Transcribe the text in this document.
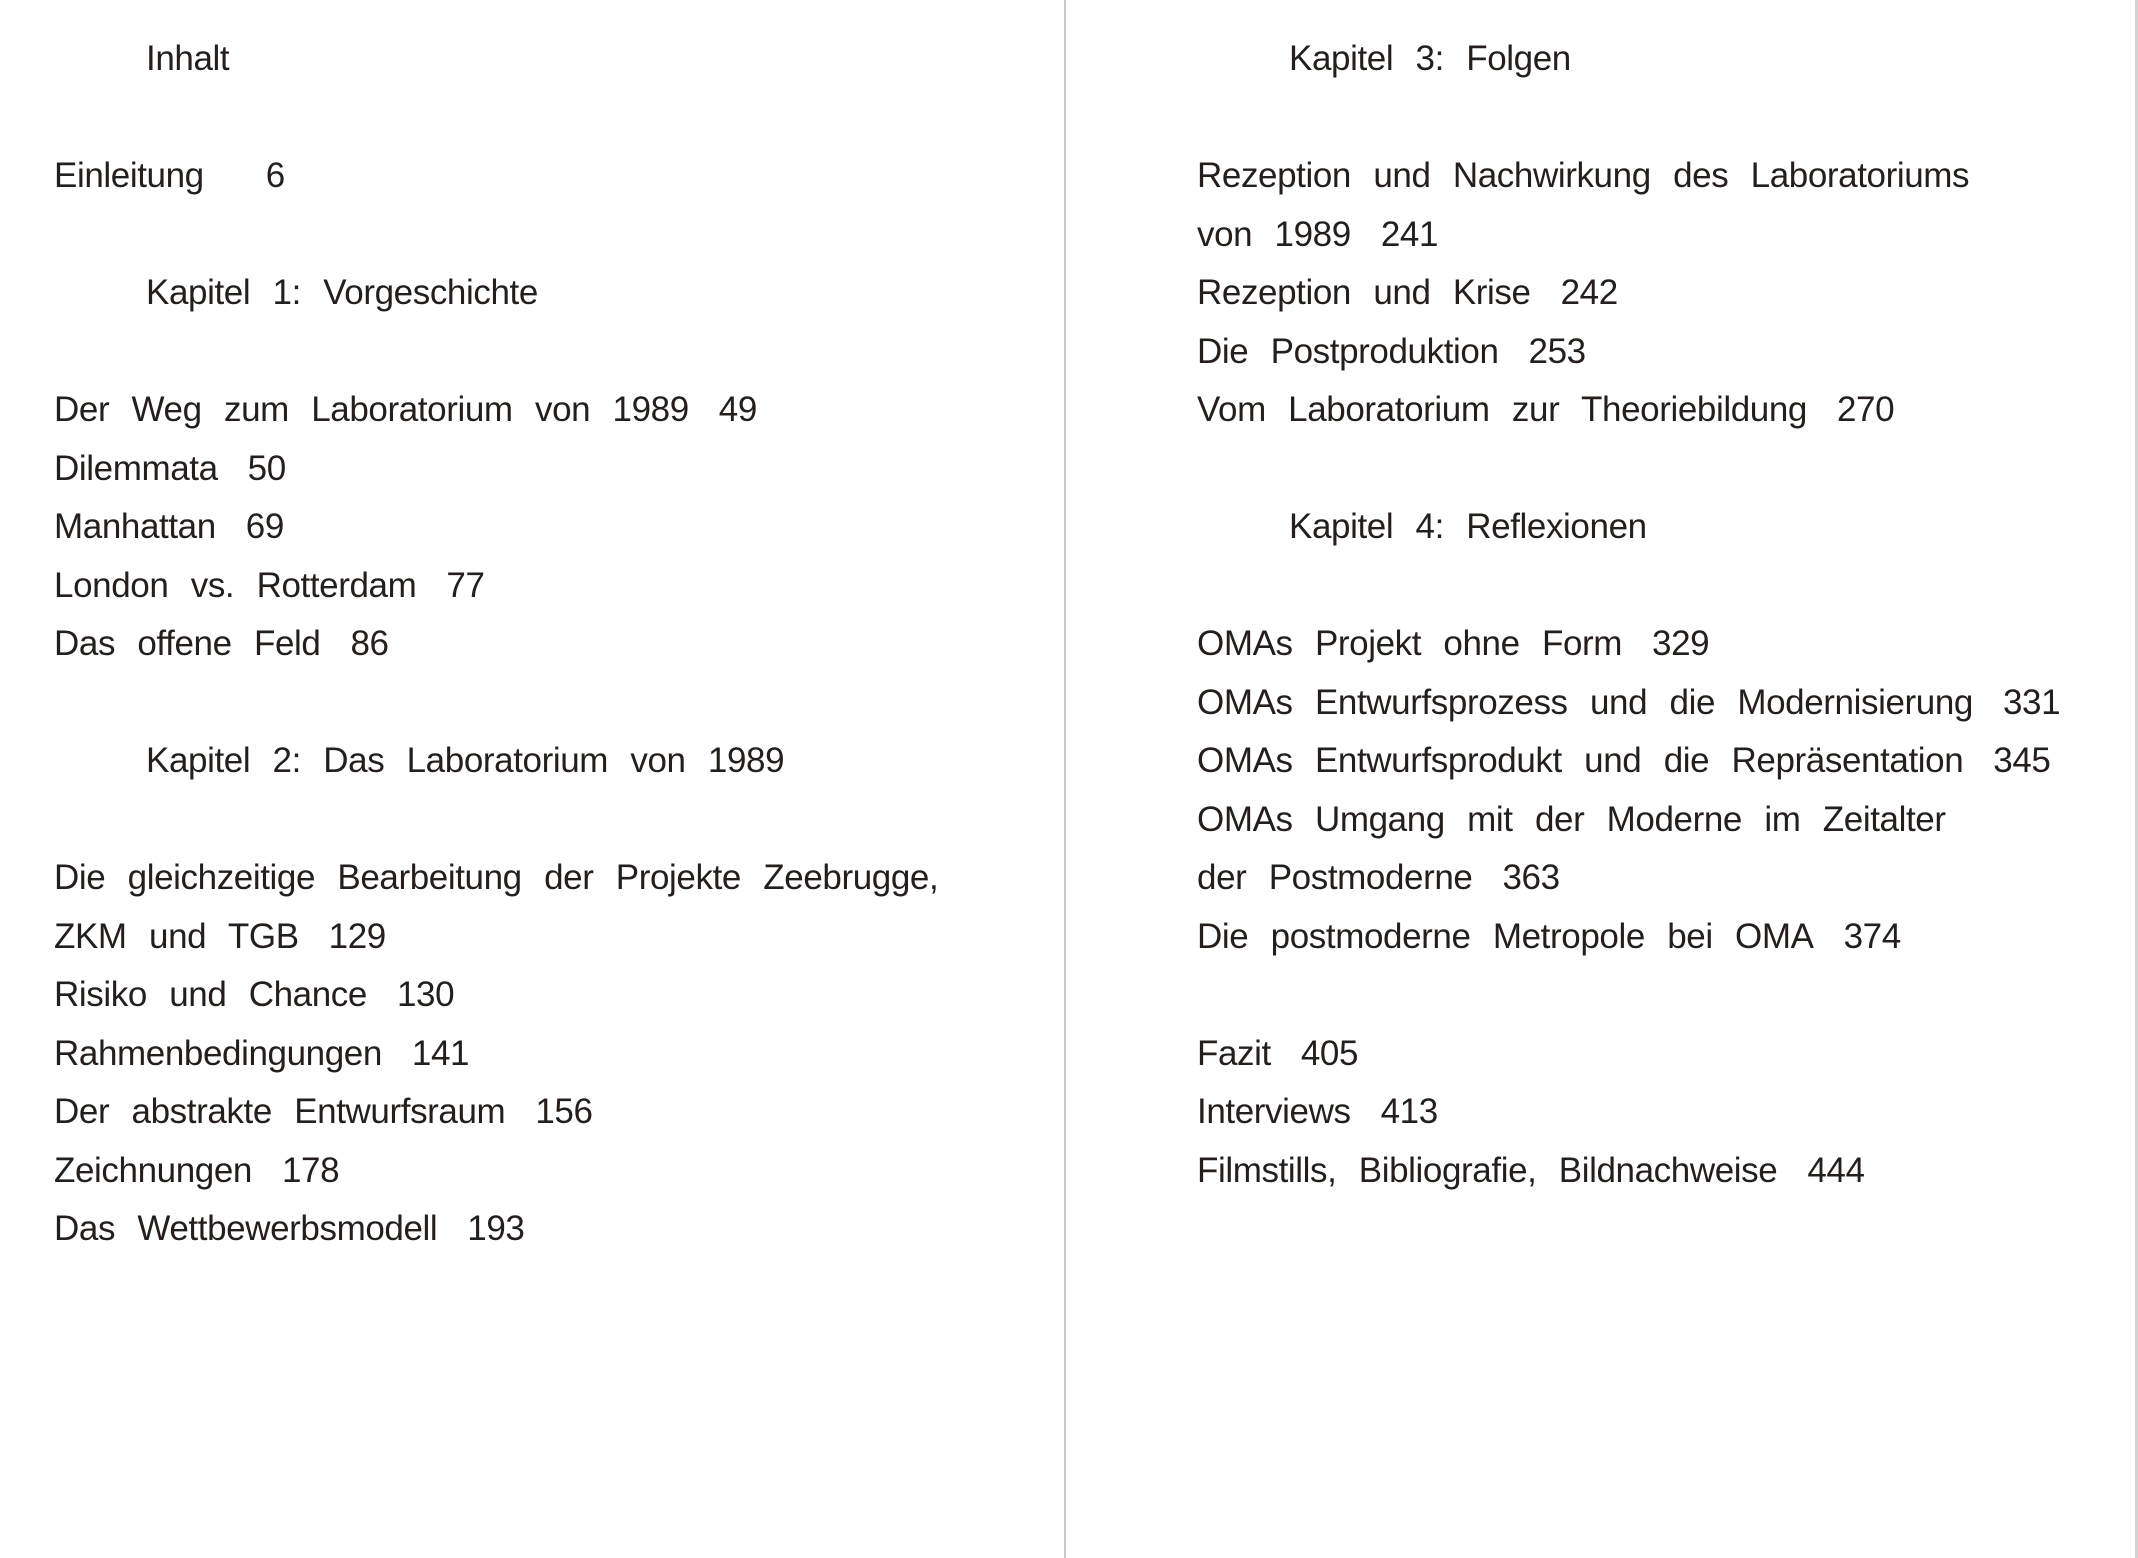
Inhalt

Einleitung 6

Kapitel 1: Vorgeschichte

Der Weg zum Laboratorium von 1989 49
Dilemmata 50
Manhattan 69
London vs. Rotterdam 77
Das offene Feld 86

Kapitel 2: Das Laboratorium von 1989

Die gleichzeitige Bearbeitung der Projekte Zeebrugge,
ZKM und TGB 129
Risiko und Chance 130
Rahmenbedingungen 141
Der abstrakte Entwurfsraum 156
Zeichnungen 178
Das Wettbewerbsmodell 193
Kapitel 3: Folgen

Rezeption und Nachwirkung des Laboratoriums
von 1989 241
Rezeption und Krise 242
Die Postproduktion 253
Vom Laboratorium zur Theoriebildung 270

Kapitel 4: Reflexionen

OMAs Projekt ohne Form 329
OMAs Entwurfsprozess und die Modernisierung 331
OMAs Entwurfsprodukt und die Repräsentation 345
OMAs Umgang mit der Moderne im Zeitalter
der Postmoderne 363
Die postmoderne Metropole bei OMA 374

Fazit 405
Interviews 413
Filmstills, Bibliografie, Bildnachweise 444
